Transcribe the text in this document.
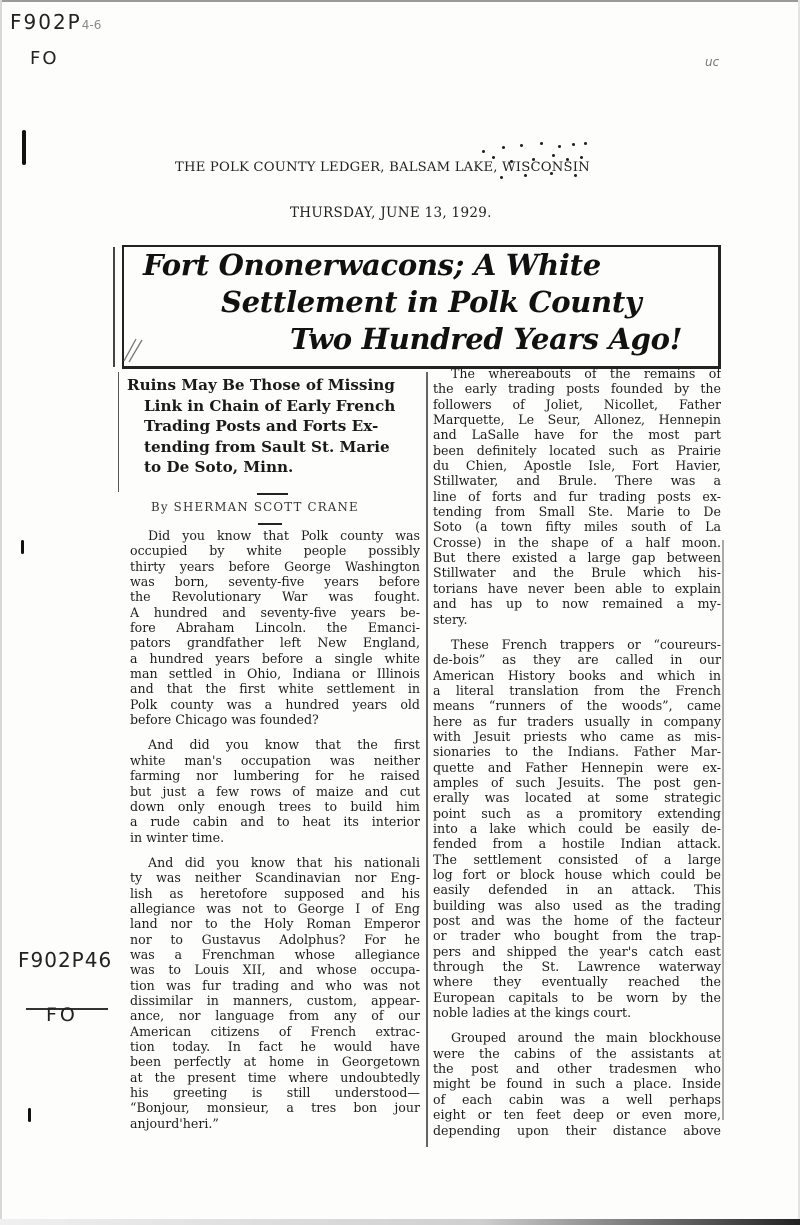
F902P4-6
FO	uc
F902P46
FO
THE POLK COUNTY LEDGER, BALSAM LAKE, WISCONSIN
THURSDAY, JUNE 13, 1929.
Fort Ononerwacons; A White
Settlement in Polk County
Two Hundred Years Ago!
Ruins May Be Those of Missing
Link in Chain of Early French
Trading Posts and Forts Ex-
tending from Sault St. Marie
to De Soto, Minn.
By SHERMAN SCOTT CRANE
Did you know that Polk county was
occupied by white people possibly
thirty years before George Washington
was born, seventy-five years before
the Revolutionary War was fought.
A hundred and seventy-five years be-
fore Abraham Lincoln. the Emanci-
pators grandfather left New England,
a hundred years before a single white
man settled in Ohio, Indiana or Illinois
and that the first white settlement in
Polk county was a hundred years old
before Chicago was founded?
And did you know that the first
white man's occupation was neither
farming nor lumbering for he raised
but just a few rows of maize and cut
down only enough trees to build him
a rude cabin and to heat its interior
in winter time.
And did you know that his nationali
ty was neither Scandinavian nor Eng-
lish as heretofore supposed and his
allegiance was not to George I of Eng
land nor to the Holy Roman Emperor
nor to Gustavus Adolphus? For he
was a Frenchman whose allegiance
was to Louis XII, and whose occupa-
tion was fur trading and who was not
dissimilar in manners, custom, appear-
ance, nor language from any of our
American citizens of French extrac-
tion today. In fact he would have
been perfectly at home in Georgetown
at the present time where undoubtedly
his greeting is still understood—
“Bonjour, monsieur, a tres bon jour
anjourd'heri.”
The whereabouts of the remains of
the early trading posts founded by the
followers of Joliet, Nicollet, Father
Marquette, Le Seur, Allonez, Hennepin
and LaSalle have for the most part
been definitely located such as Prairie
du Chien, Apostle Isle, Fort Havier,
Stillwater, and Brule. There was a
line of forts and fur trading posts ex-
tending from Small Ste. Marie to De
Soto (a town fifty miles south of La
Crosse) in the shape of a half moon.
But there existed a large gap between
Stillwater and the Brule which his-
torians have never been able to explain
and has up to now remained a my-
stery.
These French trappers or “coureurs-
de-bois” as they are called in our
American History books and which in
a literal translation from the French
means “runners of the woods”, came
here as fur traders usually in company
with Jesuit priests who came as mis-
sionaries to the Indians. Father Mar-
quette and Father Hennepin were ex-
amples of such Jesuits. The post gen-
erally was located at some strategic
point such as a promitory extending
into a lake which could be easily de-
fended from a hostile Indian attack.
The settlement consisted of a large
log fort or block house which could be
easily defended in an attack. This
building was also used as the trading
post and was the home of the facteur
or trader who bought from the trap-
pers and shipped the year's catch east
through the St. Lawrence waterway
where they eventually reached the
European capitals to be worn by the
noble ladies at the kings court.
Grouped around the main blockhouse
were the cabins of the assistants at
the post and other tradesmen who
might be found in such a place. Inside
of each cabin was a well perhaps
eight or ten feet deep or even more,
depending upon their distance above
